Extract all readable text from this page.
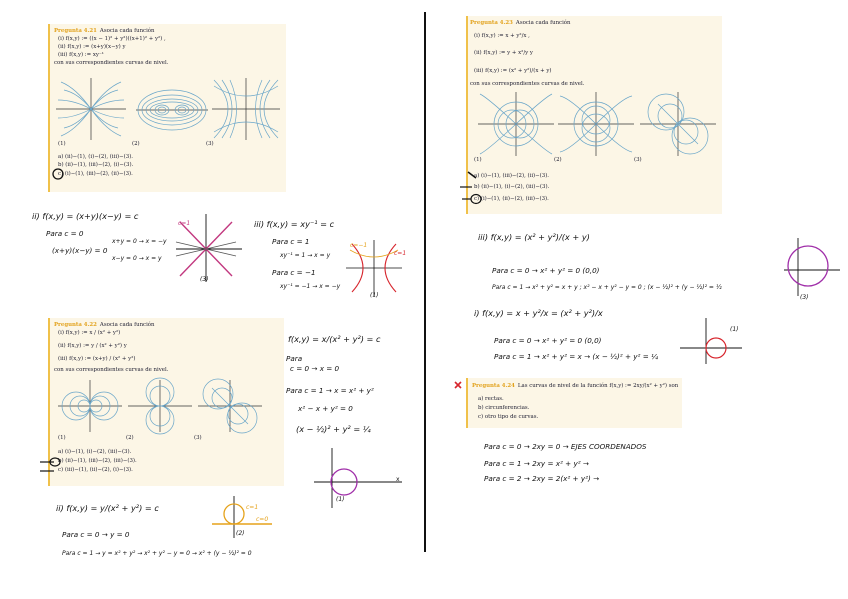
Pregunta 4.21 Asocia cada función
(i) f(x,y) := ((x − 1)² + y²)((x+1)² + y²) ,
(ii) f(x,y) := (x+y)(x−y) y
(iii) f(x,y) := xy⁻¹
con sus correspondientes curvas de nivel.
(1)	(2)	(3)
a) (ii)−(1), (i)−(2), (iii)−(3).
b) (ii)−(1), (iii)−(2), (i)−(3).
c) (i)−(1), (iii)−(2), (ii)−(3).
ii) f(x,y) = (x+y)(x−y) = c
Para c = 0
(x+y)(x−y) = 0
x+y = 0 → x = −y
x−y = 0 → x = y
c=1
(3)
iii) f(x,y) = xy⁻¹ = c
Para c = 1
xy⁻¹ = 1 → x = y
Para c = −1
xy⁻¹ = −1 → x = −y
c=1
c=−1
(1)
Pregunta 4.22 Asocia cada función
(i) f(x,y) := x / (x² + y²)
(ii) f(x,y) := y / (x² + y²) y
(iii) f(x,y) := (x+y) / (x² + y²)
con sus correspondientes curvas de nivel.
(1)	(2)	(3)
a) (i)−(1), (i)−(2), (iii)−(3).
b) (ii)−(1), (iii)−(2), (iii)−(3).
c) (iii)−(1), (ii)−(2), (i)−(3).
f(x,y) = x/(x² + y²) = c
Para
c = 0 → x = 0
Para c = 1 → x = x² + y²
x² − x + y² = 0
(x − ½)² + y² = ¼
x
(1)
ii) f(x,y) = y/(x² + y²) = c
Para c = 0 → y = 0
Para c = 1 → y = x² + y² → x² + y² − y = 0 → x² + (y − ½)² = 0
c=1
c=0
(2)
Pregunta 4.23 Asocia cada función
(i) f(x,y) := x + y²/x ,
(ii) f(x,y) := y + x²/y y
(iii) f(x,y) := (x² + y²)/(x + y)
con sus correspondientes curvas de nivel.
(1)	(2)	(3)
a) (i)−(1), (iii)−(2), (ii)−(3).
b) (ii)−(1), (i)−(2), (iii)−(3).
c) (i)−(1), (ii)−(2), (iii)−(3).
iii) f(x,y) = (x² + y²)/(x + y)
Para c = 0 → x² + y² = 0 (0,0)
Para c = 1 → x² + y² = x + y ; x² − x + y² − y = 0 ; (x − ½)² + (y − ½)² = ½
(3)
i) f(x,y) = x + y²/x = (x² + y²)/x
Para c = 0 → x² + y² = 0 (0,0)
Para c = 1 → x² + y² = x → (x − ½)² + y² = ¼
(1)
Pregunta 4.24 Las curvas de nivel de la función f(x,y) := 2xy/(x² + y²) son
a) rectas.
b) circunferencias.
c) otro tipo de curvas.
Para c = 0 → 2xy = 0 → EJES COORDENADOS
Para c = 1 → 2xy = x² + y² →
Para c = 2 → 2xy = 2(x² + y²) →
